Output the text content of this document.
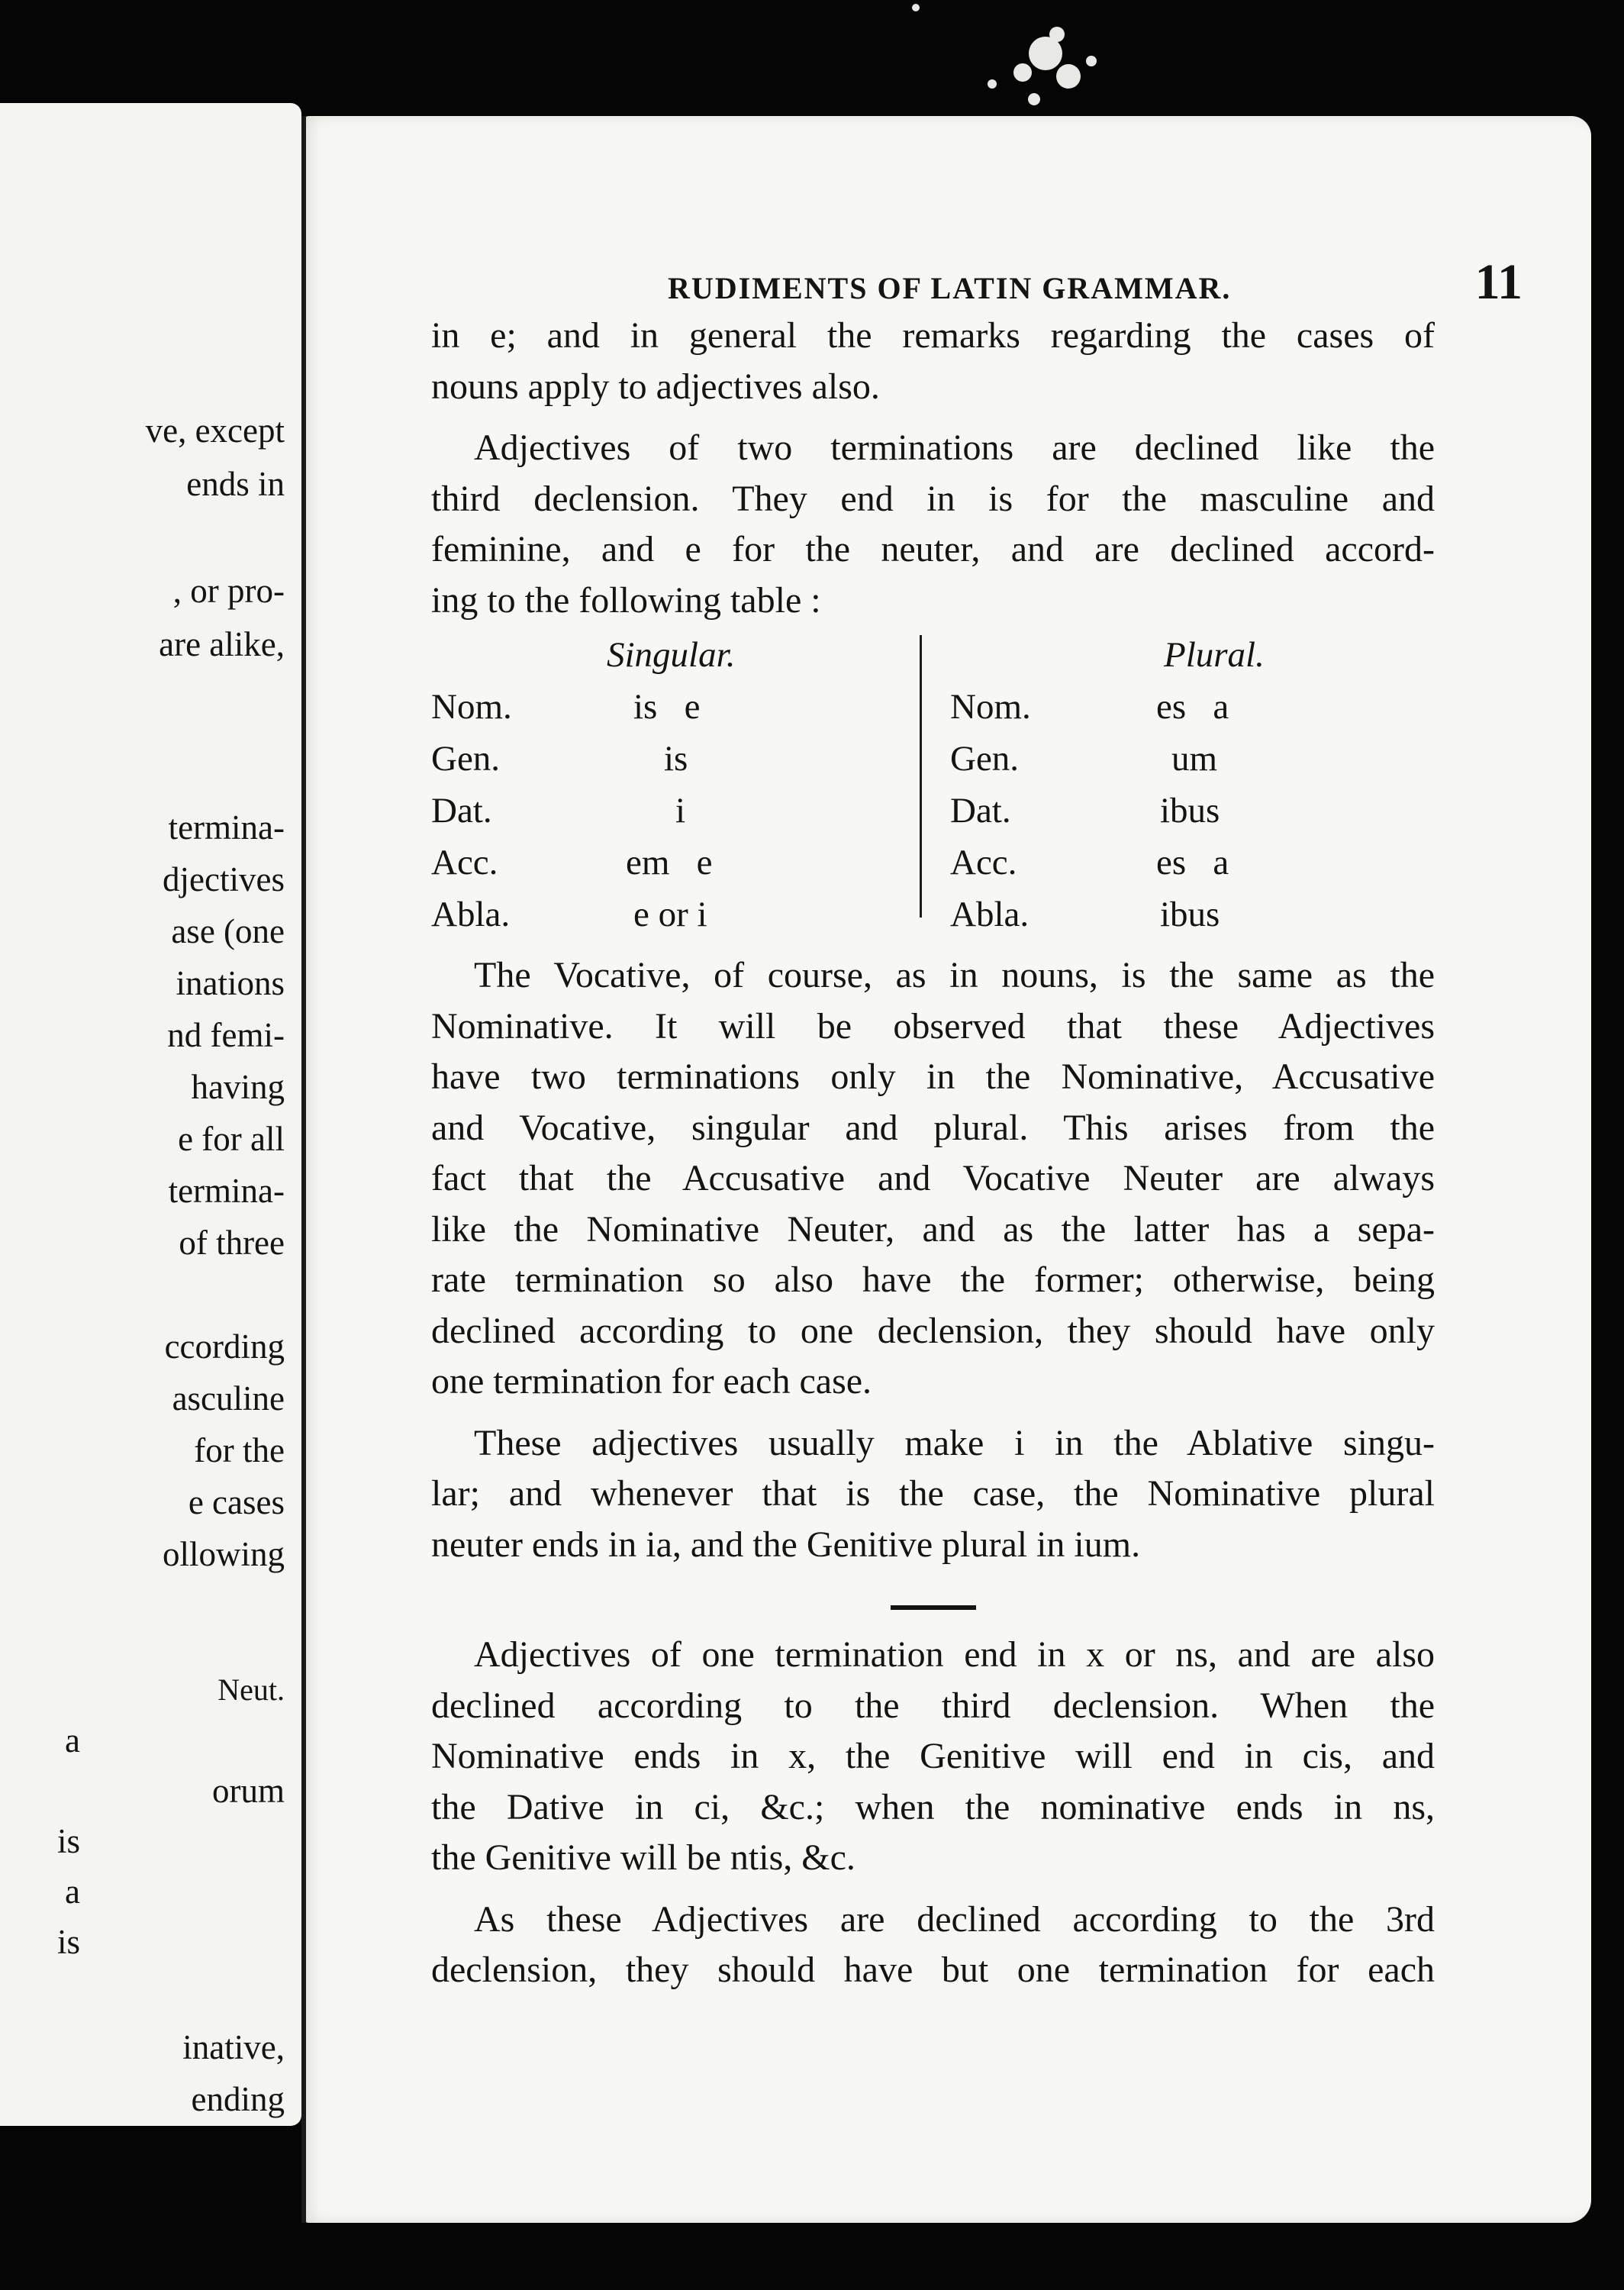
ve, except
ends in
, or pro-
are alike,
termina-
djectives
ase (one
inations
nd femi-
having
e for all
termina-
of three
ccording
asculine
for the
e cases
ollowing
Neut.
a
orum
is
a
is
inative,
ending
RUDIMENTS OF LATIN GRAMMAR.	11

in e; and in general the remarks regarding the cases of
nouns apply to adjectives also.

Adjectives of two terminations are declined like the
third declension. They end in is for the masculine and
feminine, and e for the neuter, and are declined accord-
ing to the following table :

Singular.	Plural.
Nom.	is   e
Gen.	is
Dat.	i
Acc.	em   e
Abla.	e or i
Nom.	es   a
Gen.	um
Dat.	ibus
Acc.	es   a
Abla.	ibus

The Vocative, of course, as in nouns, is the same as the
Nominative. It will be observed that these Adjectives
have two terminations only in the Nominative, Accusative
and Vocative, singular and plural. This arises from the
fact that the Accusative and Vocative Neuter are always
like the Nominative Neuter, and as the latter has a sepa-
rate termination so also have the former; otherwise, being
declined according to one declension, they should have only
one termination for each case.

These adjectives usually make i in the Ablative singu-
lar; and whenever that is the case, the Nominative plural
neuter ends in ia, and the Genitive plural in ium.

Adjectives of one termination end in x or ns, and are also
declined according to the third declension. When the
Nominative ends in x, the Genitive will end in cis, and
the Dative in ci, &c.; when the nominative ends in ns,
the Genitive will be ntis, &c.

As these Adjectives are declined according to the 3rd
declension, they should have but one termination for each
